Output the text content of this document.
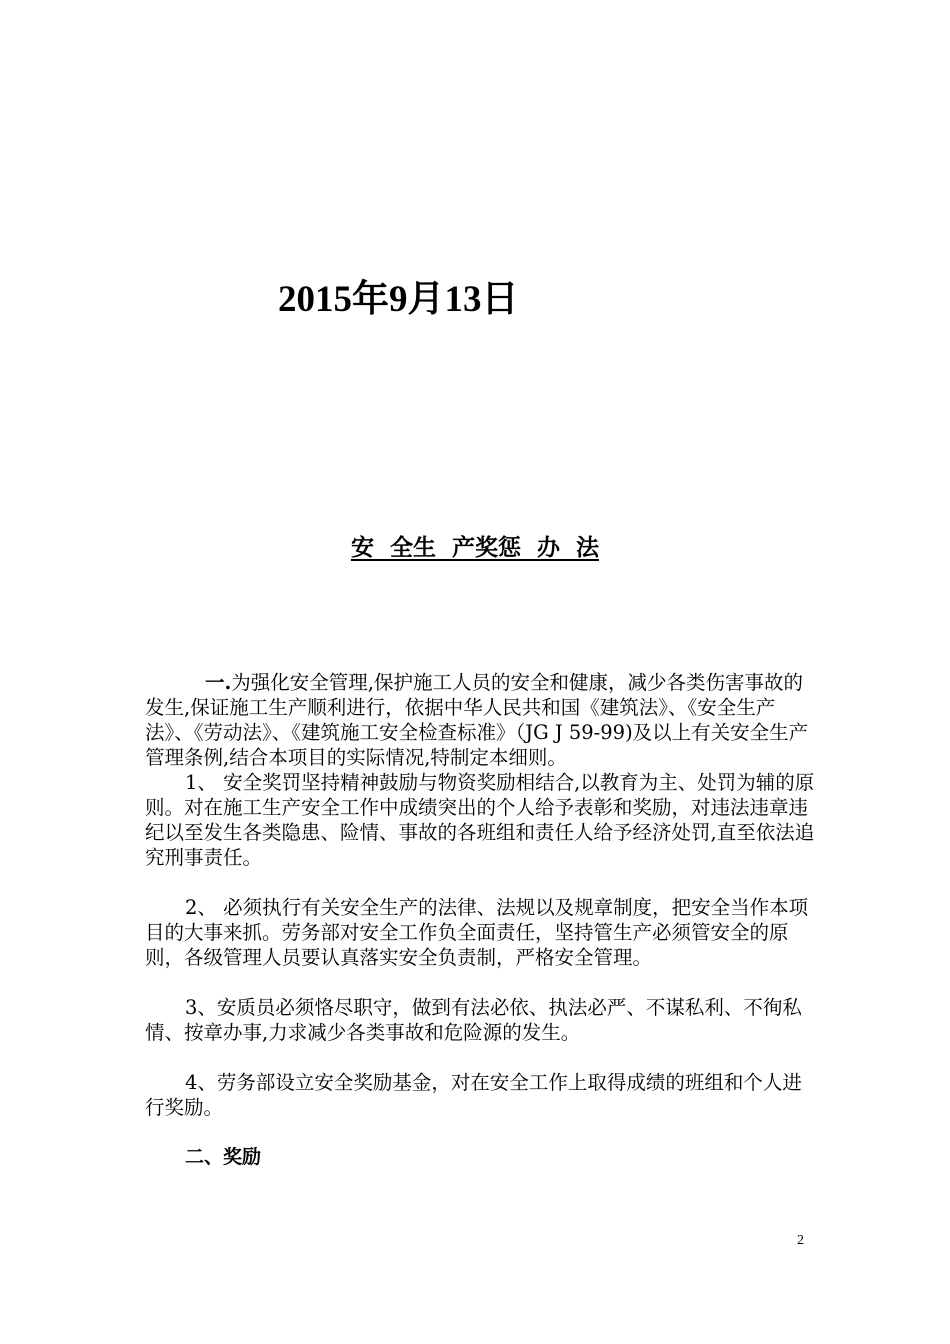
2015年9月13日
安  全生  产奖惩  办  法

一.为强化安全管理,保护施工人员的安全和健康，减少各类伤害事故的发生,保证施工生产顺利进行，依据中华人民共和国《建筑法》、《安全生产法》、《劳动法》、《建筑施工安全检查标准》（JG J 59-99)及以上有关安全生产管理条例,结合本项目的实际情况,特制定本细则。

1、 安全奖罚坚持精神鼓励与物资奖励相结合,以教育为主、处罚为辅的原则。对在施工生产安全工作中成绩突出的个人给予表彰和奖励，对违法违章违纪以至发生各类隐患、险情、事故的各班组和责任人给予经济处罚,直至依法追究刑事责任。

2、 必须执行有关安全生产的法律、法规以及规章制度，把安全当作本项目的大事来抓。劳务部对安全工作负全面责任，坚持管生产必须管安全的原则，各级管理人员要认真落实安全负责制，严格安全管理。

3、安质员必须恪尽职守，做到有法必依、执法必严、不谋私利、不徇私情、按章办事,力求减少各类事故和危险源的发生。

4、劳务部设立安全奖励基金，对在安全工作上取得成绩的班组和个人进行奖励。

二、奖励

2
